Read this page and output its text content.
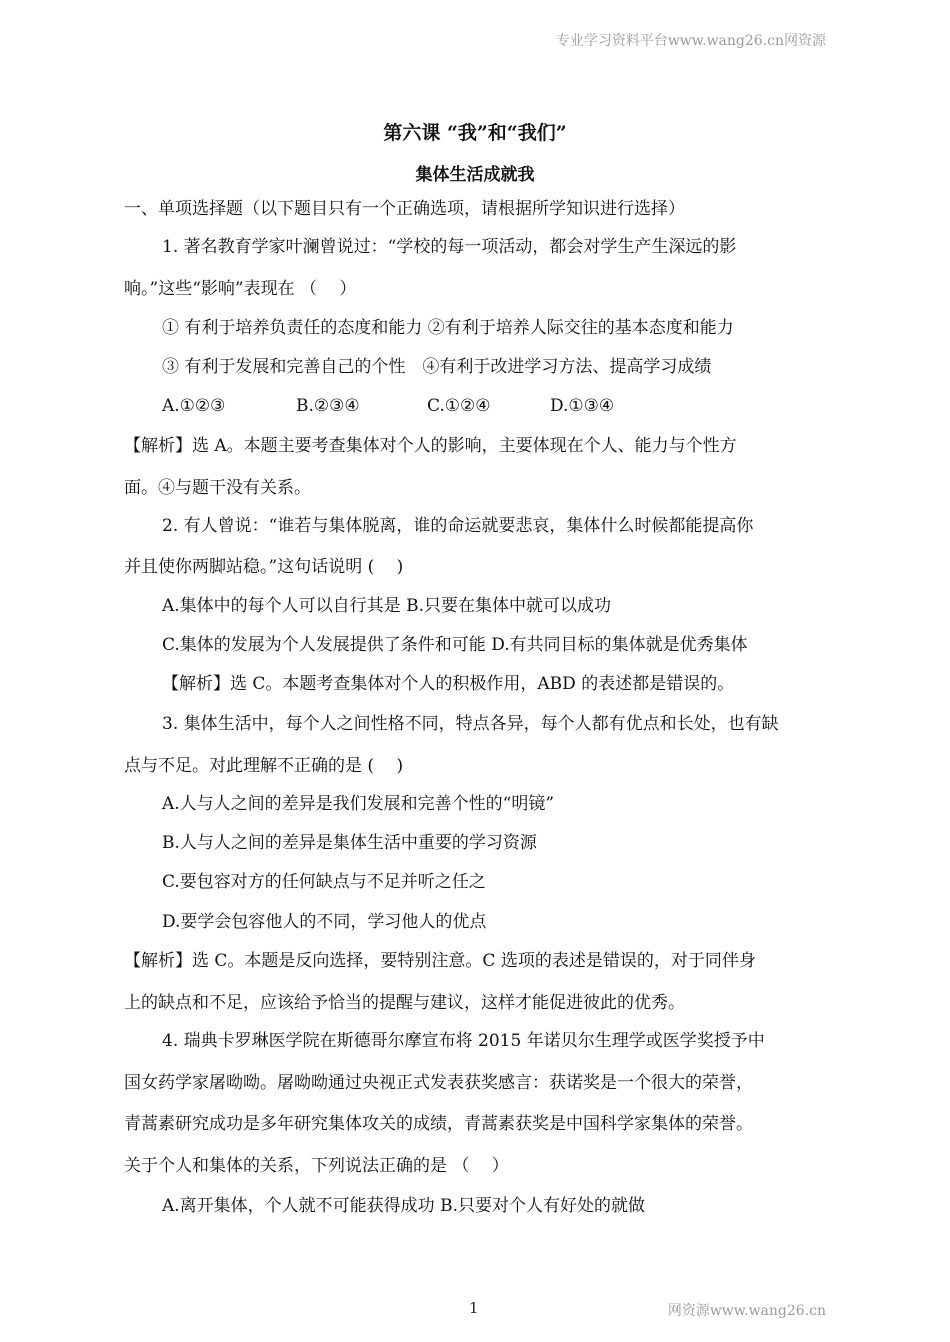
专业学习资料平台www.wang26.cn网资源
第六课 “我”和“我们”
集体生活成就我
一、单项选择题（以下题目只有一个正确选项，请根据所学知识进行选择）
1. 著名教育学家叶澜曾说过：“学校的每一项活动，都会对学生产生深远的影
响。”这些“影响”表现在 （　 ）
① 有利于培养负责任的态度和能力 ②有利于培养人际交往的基本态度和能力
③ 有利于发展和完善自己的个性　④有利于改进学习方法、提高学习成绩
A.①②③	B.②③④	C.①②④	D.①③④
【解析】选 A。本题主要考查集体对个人的影响，主要体现在个人、能力与个性方
面。④与题干没有关系。
2. 有人曾说：“谁若与集体脱离，谁的命运就要悲哀，集体什么时候都能提高你
并且使你两脚站稳。”这句话说明 (　 )
A.集体中的每个人可以自行其是 B.只要在集体中就可以成功
C.集体的发展为个人发展提供了条件和可能 D.有共同目标的集体就是优秀集体
【解析】选 C。本题考查集体对个人的积极作用，ABD 的表述都是错误的。
3. 集体生活中，每个人之间性格不同，特点各异，每个人都有优点和长处，也有缺
点与不足。对此理解不正确的是 (　 )
A.人与人之间的差异是我们发展和完善个性的“明镜”
B.人与人之间的差异是集体生活中重要的学习资源
C.要包容对方的任何缺点与不足并听之任之
D.要学会包容他人的不同，学习他人的优点
【解析】选 C。本题是反向选择，要特别注意。C 选项的表述是错误的，对于同伴身
上的缺点和不足，应该给予恰当的提醒与建议，这样才能促进彼此的优秀。
4. 瑞典卡罗琳医学院在斯德哥尔摩宣布将 2015 年诺贝尔生理学或医学奖授予中
国女药学家屠呦呦。屠呦呦通过央视正式发表获奖感言：获诺奖是一个很大的荣誉，
青蒿素研究成功是多年研究集体攻关的成绩，青蒿素获奖是中国科学家集体的荣誉。
关于个人和集体的关系，下列说法正确的是 （　 ）
A.离开集体，个人就不可能获得成功 B.只要对个人有好处的就做
1	网资源www.wang26.cn
